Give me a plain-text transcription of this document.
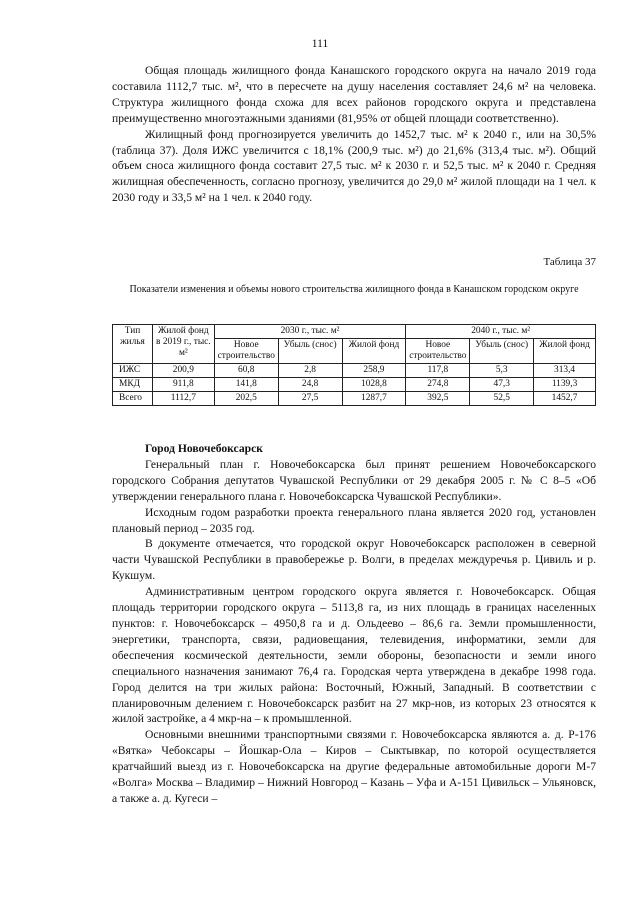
111

Общая площадь жилищного фонда Канашского городского округа на начало 2019 года составила 1112,7 тыс. м², что в пересчете на душу населения составляет 24,6 м² на человека. Структура жилищного фонда схожа для всех районов городского округа и представлена преимущественно многоэтажными зданиями (81,95% от общей площади соответственно).

Жилищный фонд прогнозируется увеличить до 1452,7 тыс. м² к 2040 г., или на 30,5% (таблица 37). Доля ИЖС увеличится с 18,1% (200,9 тыс. м²) до 21,6% (313,4 тыс. м²). Общий объем сноса жилищного фонда составит 27,5 тыс. м² к 2030 г. и 52,5 тыс. м² к 2040 г. Средняя жилищная обеспеченность, согласно прогнозу, увеличится до 29,0 м² жилой площади на 1 чел. к 2030 году и 33,5 м² на 1 чел. к 2040 году.

Таблица 37
Показатели изменения и объемы нового строительства жилищного фонда в Канашском городском округе
Тип жилья	Жилой фонд в 2019 г., тыс. м²	2030 г., тыс. м²			2040 г., тыс. м²		
		Новое строительство	Убыль (снос)	Жилой фонд	Новое строительство	Убыль (снос)	Жилой фонд
ИЖС	200,9	60,8	2,8	258,9	117,8	5,3	313,4
МКД	911,8	141,8	24,8	1028,8	274,8	47,3	1139,3
Всего	1112,7	202,5	27,5	1287,7	392,5	52,5	1452,7

Город Новочебоксарск

Генеральный план г. Новочебоксарска был принят решением Новочебоксарского городского Собрания депутатов Чувашской Республики от 29 декабря 2005 г. № С 8–5 «Об утверждении генерального плана г. Новочебоксарска Чувашской Республики».

Исходным годом разработки проекта генерального плана является 2020 год, установлен плановый период – 2035 год.

В документе отмечается, что городской округ Новочебоксарск расположен в северной части Чувашской Республики в правобережье р. Волги, в пределах междуречья р. Цивиль и р. Кукшум.

Административным центром городского округа является г. Новочебоксарск. Общая площадь территории городского округа – 5113,8 га, из них площадь в границах населенных пунктов: г. Новочебоксарск – 4950,8 га и д. Ольдеево – 86,6 га. Земли промышленности, энергетики, транспорта, связи, радиовещания, телевидения, информатики, земли для обеспечения космической деятельности, земли обороны, безопасности и земли иного специального назначения занимают 76,4 га. Городская черта утверждена в декабре 1998 года. Город делится на три жилых района: Восточный, Южный, Западный. В соответствии с планировочным делением г. Новочебоксарск разбит на 27 мкр-нов, из которых 23 относятся к жилой застройке, а 4 мкр-на – к промышленной.

Основными внешними транспортными связями г. Новочебоксарска являются а. д. Р-176 «Вятка» Чебоксары – Йошкар-Ола – Киров – Сыктывкар, по которой осуществляется кратчайший выезд из г. Новочебоксарска на другие федеральные автомобильные дороги М-7 «Волга» Москва – Владимир – Нижний Новгород – Казань – Уфа и А-151 Цивильск – Ульяновск, а также а. д. Кугеси –
